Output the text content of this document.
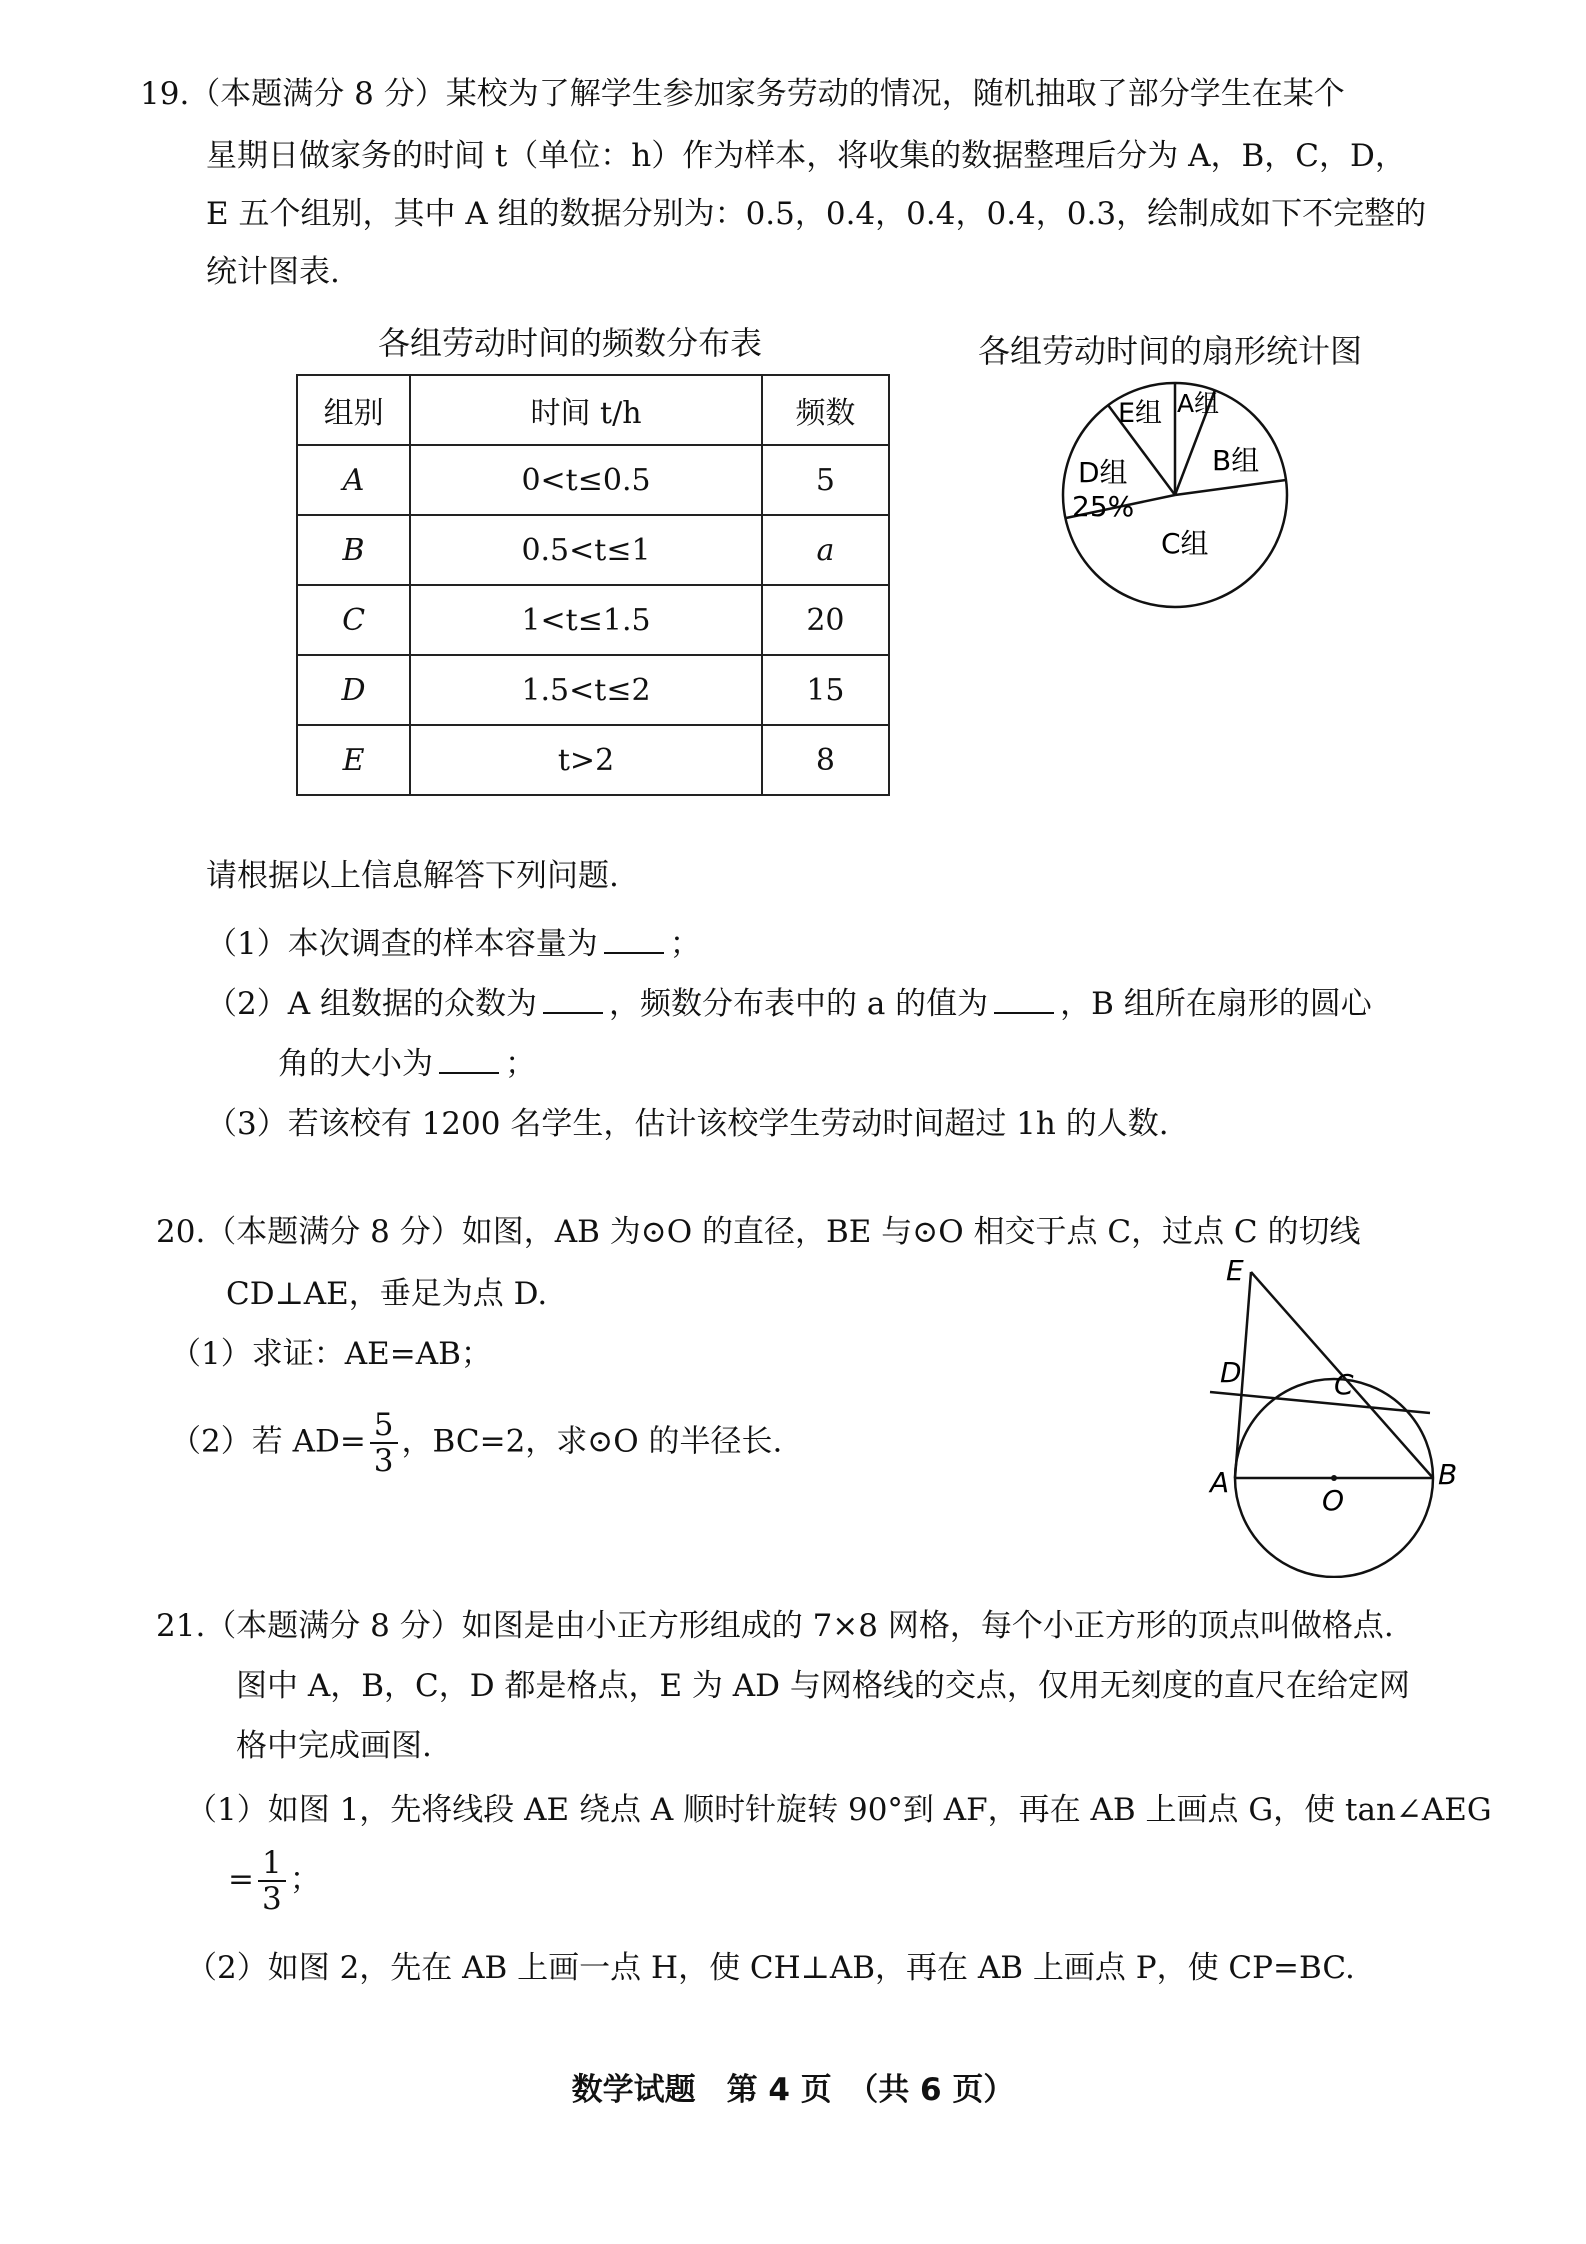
19.（本题满分 8 分）某校为了解学生参加家务劳动的情况，随机抽取了部分学生在某个
星期日做家务的时间 t（单位：h）作为样本，将收集的数据整理后分为 A，B，C，D，
E 五个组别，其中 A 组的数据分别为：0.5，0.4，0.4，0.4，0.3，绘制成如下不完整的
统计图表.
各组劳动时间的频数分布表	各组劳动时间的扇形统计图
组别	时间 t/h	频数
A	0<t≤0.5	5
B	0.5<t≤1	a
C	1<t≤1.5	20
D	1.5<t≤2	15
E	t>2	8
E组 A组
B组
C组
D组
25%
请根据以上信息解答下列问题.
（1）本次调查的样本容量为 ；
（2）A 组数据的众数为 ，频数分布表中的 a 的值为 ，B 组所在扇形的圆心
角的大小为 ；
（3）若该校有 1200 名学生，估计该校学生劳动时间超过 1h 的人数.
20.（本题满分 8 分）如图，AB 为⊙O 的直径，BE 与⊙O 相交于点 C，过点 C 的切线
CD⊥AE，垂足为点 D.
（1）求证：AE=AB；
（2）若 $AD= \frac{5}{3}$ ，BC=2，求⊙O 的半径长.
E
D	C
A
O
B
21.（本题满分 8 分）如图是由小正方形组成的 7×8 网格，每个小正方形的顶点叫做格点.
图中 A，B，C，D 都是格点，E 为 AD 与网格线的交点，仅用无刻度的直尺在给定网
格中完成画图.
（1）如图 1，先将线段 AE 绕点 A 顺时针旋转 90°到 AF，再在 AB 上画点 G，使 tan∠AEG
= $\frac{1}{3}$ ；
（2）如图 2，先在 AB 上画一点 H，使 CH⊥AB，再在 AB 上画点 P，使 CP=BC.
数学试题　第 4 页　（共 6 页）
